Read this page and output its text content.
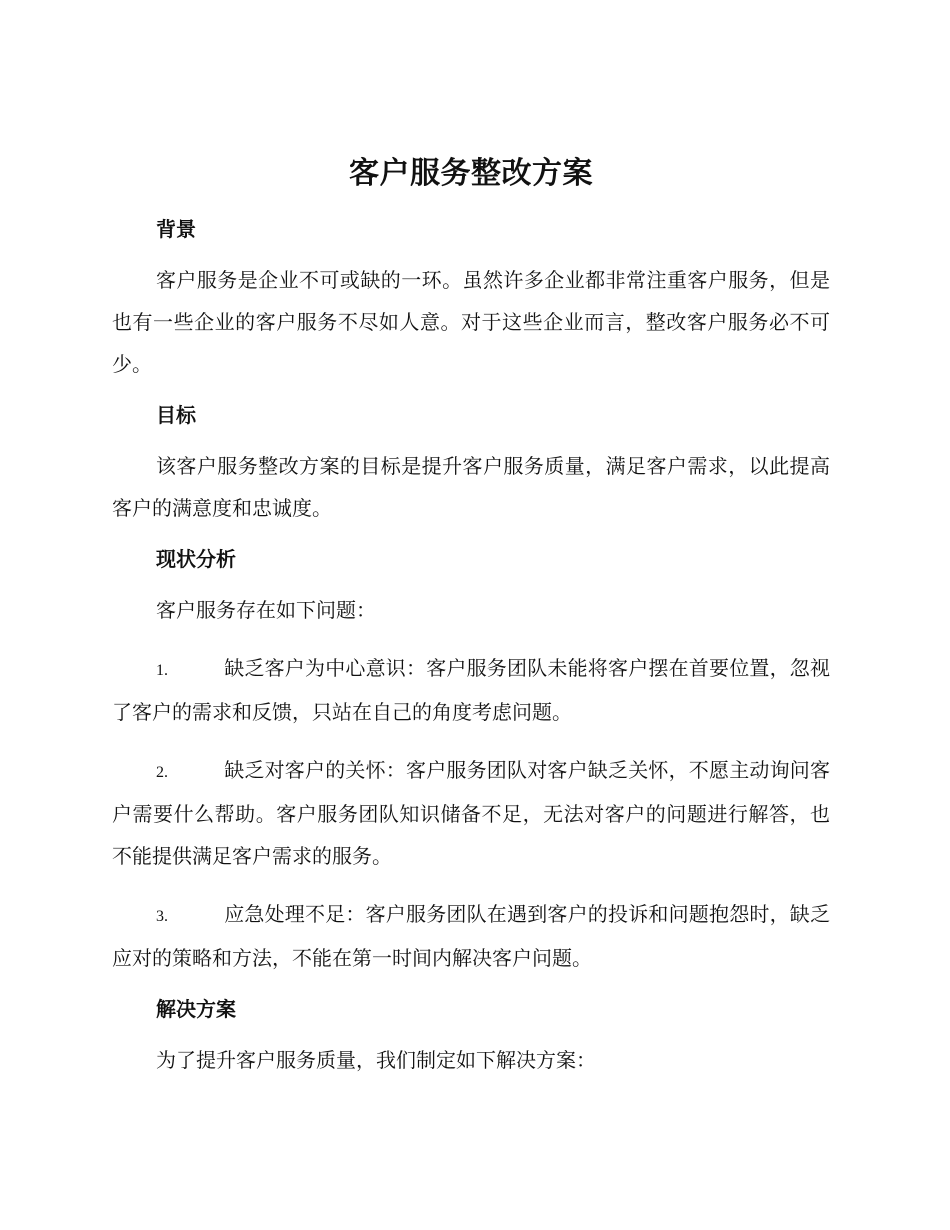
客户服务整改方案
背景

客户服务是企业不可或缺的一环。虽然许多企业都非常注重客户服务，但是也有一些企业的客户服务不尽如人意。对于这些企业而言，整改客户服务必不可少。

目标

该客户服务整改方案的目标是提升客户服务质量，满足客户需求，以此提高客户的满意度和忠诚度。

现状分析

客户服务存在如下问题：

1.	缺乏客户为中心意识：客户服务团队未能将客户摆在首要位置，忽视了客户的需求和反馈，只站在自己的角度考虑问题。

2.	缺乏对客户的关怀：客户服务团队对客户缺乏关怀，不愿主动询问客户需要什么帮助。客户服务团队知识储备不足，无法对客户的问题进行解答，也不能提供满足客户需求的服务。

3.	应急处理不足：客户服务团队在遇到客户的投诉和问题抱怨时，缺乏应对的策略和方法，不能在第一时间内解决客户问题。

解决方案

为了提升客户服务质量，我们制定如下解决方案：
